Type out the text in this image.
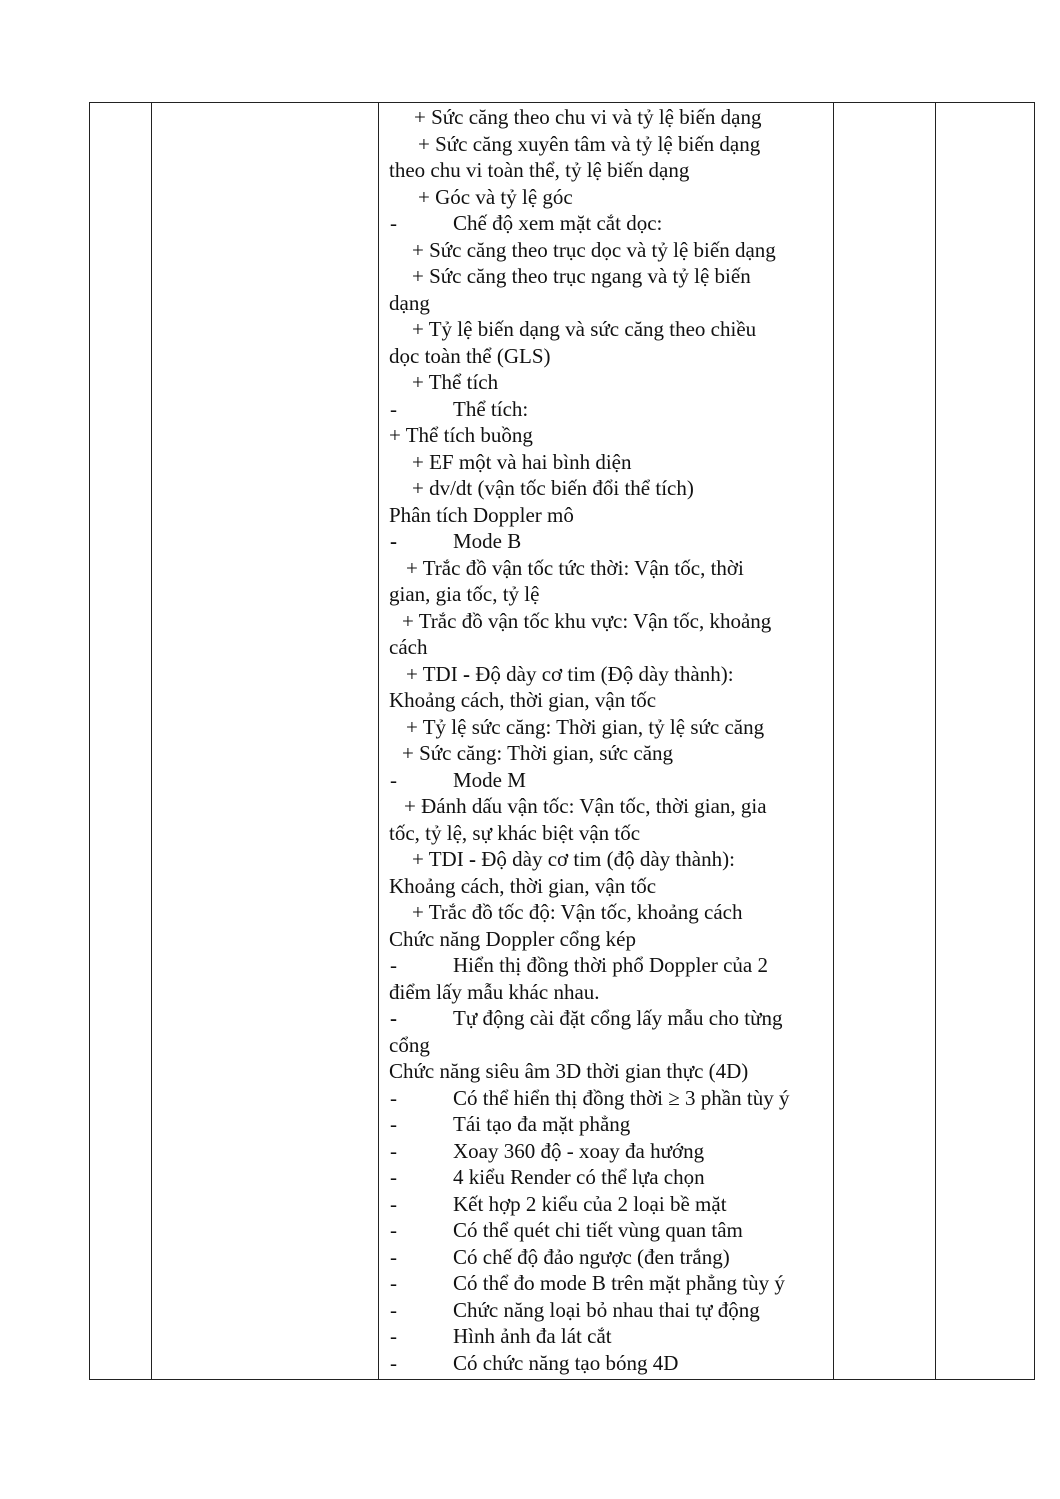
+ Sức căng theo chu vi và tỷ lệ biến dạng
+ Sức căng xuyên tâm và tỷ lệ biến dạng
theo chu vi toàn thể, tỷ lệ biến dạng
+ Góc và tỷ lệ góc
-	Chế độ xem mặt cắt dọc:
+ Sức căng theo trục dọc và tỷ lệ biến dạng
+ Sức căng theo trục ngang và tỷ lệ biến
dạng
+ Tỷ lệ biến dạng và sức căng theo chiều
dọc toàn thể (GLS)
+ Thể tích
-	Thể tích:
+ Thể tích buồng
+ EF một và hai bình diện
+ dv/dt (vận tốc biến đổi thể tích)
Phân tích Doppler mô
-	Mode B
+ Trắc đồ vận tốc tức thời: Vận tốc, thời
gian, gia tốc, tỷ lệ
+ Trắc đồ vận tốc khu vực: Vận tốc, khoảng
cách
+ TDI - Độ dày cơ tim (Độ dày thành):
Khoảng cách, thời gian, vận tốc
+ Tỷ lệ sức căng: Thời gian, tỷ lệ sức căng
+ Sức căng: Thời gian, sức căng
-	Mode M
+ Đánh dấu vận tốc: Vận tốc, thời gian, gia
tốc, tỷ lệ, sự khác biệt vận tốc
+ TDI - Độ dày cơ tim (độ dày thành):
Khoảng cách, thời gian, vận tốc
+ Trắc đồ tốc độ: Vận tốc, khoảng cách
Chức năng Doppler cổng kép
-	Hiển thị đồng thời phổ Doppler của 2
điểm lấy mẫu khác nhau.
-	Tự động cài đặt cổng lấy mẫu cho từng
cổng
Chức năng siêu âm 3D thời gian thực (4D)
-	Có thể hiển thị đồng thời ≥ 3 phần tùy ý
-	Tái tạo đa mặt phẳng
-	Xoay 360 độ - xoay đa hướng
-	4 kiểu Render có thể lựa chọn
-	Kết hợp 2 kiểu của 2 loại bề mặt
-	Có thể quét chi tiết vùng quan tâm
-	Có chế độ đảo ngược (đen trắng)
-	Có thể đo mode B trên mặt phẳng tùy ý
-	Chức năng loại bỏ nhau thai tự động
-	Hình ảnh đa lát cắt
-	Có chức năng tạo bóng 4D
